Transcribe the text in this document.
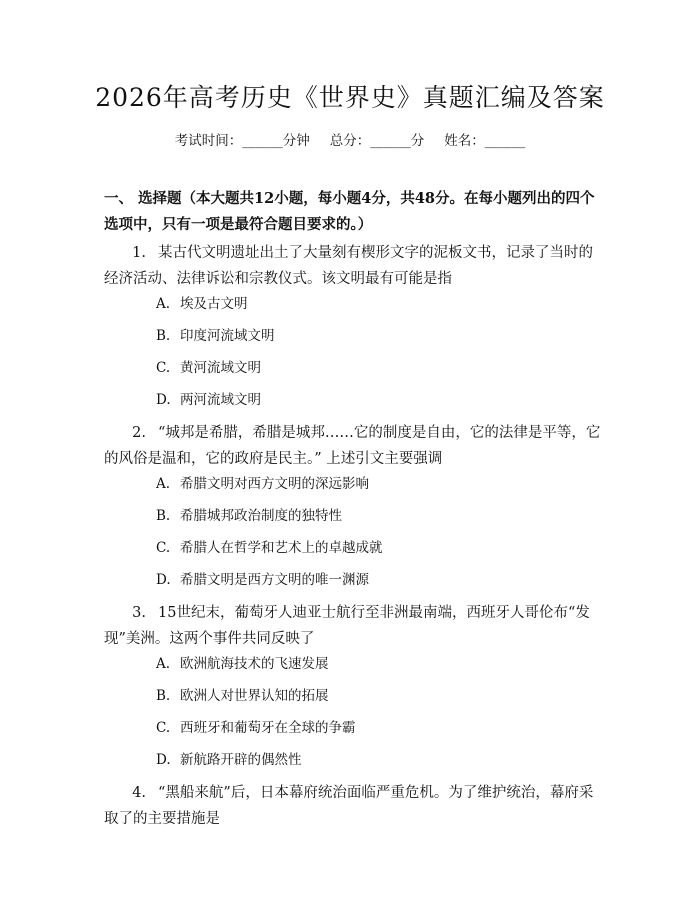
2026年高考历史《世界史》真题汇编及答案
考试时间：______分钟 总分：______分 姓名：______
一、 选择题（本大题共12小题，每小题4分，共48分。在每小题列出的四个选项中，只有一项是最符合题目要求的。）
1. 某古代文明遗址出土了大量刻有楔形文字的泥板文书，记录了当时的经济活动、法律诉讼和宗教仪式。该文明最有可能是指
A. 埃及古文明
B. 印度河流域文明
C. 黄河流域文明
D. 两河流域文明
2. “城邦是希腊，希腊是城邦……它的制度是自由，它的法律是平等，它的风俗是温和，它的政府是民主。” 上述引文主要强调
A. 希腊文明对西方文明的深远影响
B. 希腊城邦政治制度的独特性
C. 希腊人在哲学和艺术上的卓越成就
D. 希腊文明是西方文明的唯一渊源
3. 15世纪末，葡萄牙人迪亚士航行至非洲最南端，西班牙人哥伦布“发现”美洲。这两个事件共同反映了
A. 欧洲航海技术的飞速发展
B. 欧洲人对世界认知的拓展
C. 西班牙和葡萄牙在全球的争霸
D. 新航路开辟的偶然性
4. “黑船来航”后，日本幕府统治面临严重危机。为了维护统治，幕府采取了的主要措施是
